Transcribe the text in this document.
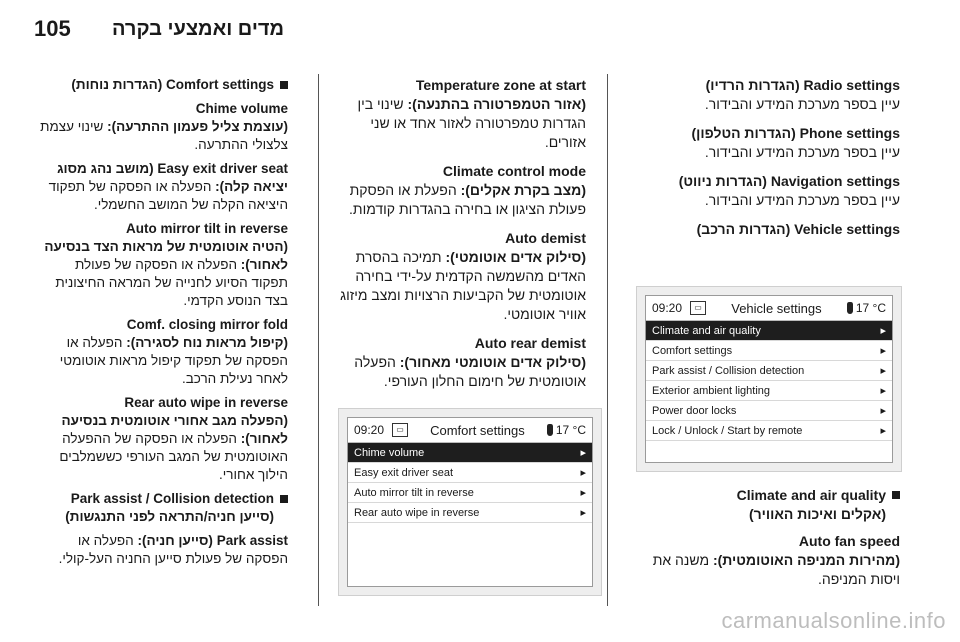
105 מדים ואמצעי בקרה
Radio settings (הגדרות הרדיו)
עיין בספר מערכת המידע והבידור.
Phone settings (הגדרות הטלפון)
עיין בספר מערכת המידע והבידור.
Navigation settings (הגדרות ניווט)
עיין בספר מערכת המידע והבידור.
Vehicle settings (הגדרות הרכב)
09:20	▭	Vehicle settings	17 °C
Climate and air quality	▸
Comfort settings	▸
Park assist / Collision detection	▸
Exterior ambient lighting	▸
Power door locks	▸
Lock / Unlock / Start by remote	▸
Climate and air quality
(אקלים ואיכות האוויר)
Auto fan speed
(מהירות המניפה האוטומטית): משנה את ויסות המניפה.
Temperature zone at start
(אזור הטמפרטורה בהתנעה): שינוי בין הגדרות טמפרטורה לאזור אחד או שני אזורים.
Climate control mode
(מצב בקרת אקלים): הפעלת או הפסקת פעולת הציגון או בחירה בהגדרות קודמות.
Auto demist
(סילוק אדים אוטומטי): תמיכה בהסרת האדים מהשמשה הקדמית על-ידי בחירה אוטומטית של הקביעות הרצויות ומצב מיזוג אוויר אוטומטי.
Auto rear demist
(סילוק אדים אוטומטי מאחור): הפעלה אוטומטית של חימום החלון העורפי.
09:20	▭	Comfort settings	17 °C
Chime volume	▸
Easy exit driver seat	▸
Auto mirror tilt in reverse	▸
Rear auto wipe in reverse	▸
Comfort settings (הגדרות נוחות)
Chime volume
(עוצמת צליל פעמון ההתרעה): שינוי עצמת צלצולי ההתרעה.
Easy exit driver seat (מושב נהג מסוג
יציאה קלה): הפעלה או הפסקה של תפקוד היציאה הקלה של המושב החשמלי.
Auto mirror tilt in reverse
(הטיה אוטומטית של מראות הצד בנסיעה לאחור): הפעלה או הפסקה של פעולת תפקוד הסיוע לחנייה של המראה החיצונית בצד הנוסע הקדמי.
Comf. closing mirror fold
(קיפול מראות נוח לסגירה): הפעלה או הפסקה של תפקוד קיפול מראות אוטומטי לאחר נעילת הרכב.
Rear auto wipe in reverse
(הפעלה מגב אחורי אוטומטית בנסיעה לאחור): הפעלה או הפסקה של ההפעלה האוטומטית של המגב העורפי כששמלבים הילוך אחורי.
Park assist / Collision detection
(סייען חניה/התראה לפני התנגשות)
Park assist (סייען חניה): הפעלה או הפסקה של פעולת סייען החניה העל-קולי.
carmanualsonline.info
